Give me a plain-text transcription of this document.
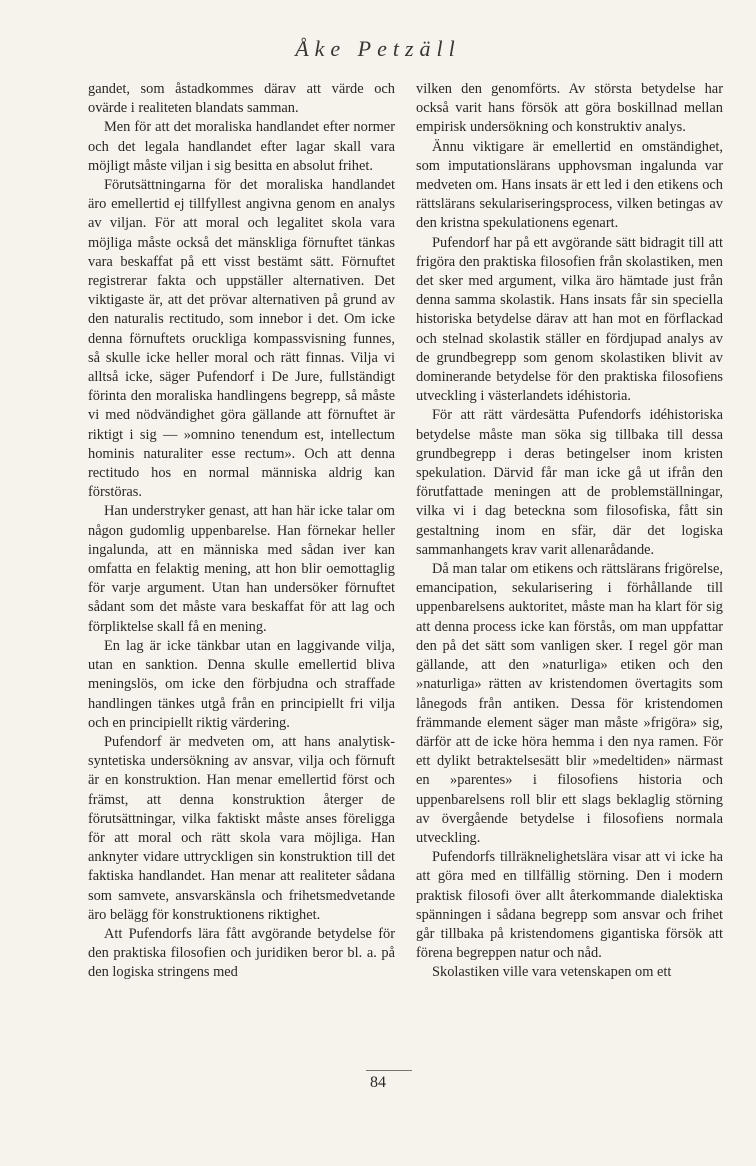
Åke Petzäll

gandet, som åstadkommes därav att värde och ovärde i realiteten blandats samman.

Men för att det moraliska handlandet efter normer och det legala handlandet efter lagar skall vara möjligt måste viljan i sig besitta en absolut frihet.

Förutsättningarna för det moraliska handlandet äro emellertid ej tillfyllest angivna genom en analys av viljan. För att moral och legalitet skola vara möjliga måste också det mänskliga förnuftet tänkas vara beskaffat på ett visst bestämt sätt. Förnuftet registrerar fakta och uppställer alternativen. Det viktigaste är, att det prövar alternativen på grund av den naturalis rectitudo, som innebor i det. Om icke denna förnuftets oruckliga kompassvisning funnes, så skulle icke heller moral och rätt finnas. Vilja vi alltså icke, säger Pufendorf i De Jure, fullständigt förinta den moraliska handlingens begrepp, så måste vi med nödvändighet göra gällande att förnuftet är riktigt i sig — »omnino tenendum est, intellectum hominis naturaliter esse rectum». Och att denna rectitudo hos en normal människa aldrig kan förstöras.

Han understryker genast, att han här icke talar om någon gudomlig uppenbarelse. Han förnekar heller ingalunda, att en människa med sådan iver kan omfatta en felaktig mening, att hon blir oemottaglig för varje argument. Utan han undersöker förnuftet sådant som det måste vara beskaffat för att lag och förpliktelse skall få en mening.

En lag är icke tänkbar utan en laggivande vilja, utan en sanktion. Denna skulle emellertid bliva meningslös, om icke den förbjudna och straffade handlingen tänkes utgå från en principiellt fri vilja och en principiellt riktig värdering.

Pufendorf är medveten om, att hans analytisk-syntetiska undersökning av ansvar, vilja och förnuft är en konstruktion. Han menar emellertid först och främst, att denna konstruktion återger de förutsättningar, vilka faktiskt måste anses föreligga för att moral och rätt skola vara möjliga. Han anknyter vidare uttryckligen sin konstruktion till det faktiska handlandet. Han menar att realiteter sådana som samvete, ansvarskänsla och frihetsmedvetande äro belägg för konstruktionens riktighet.

Att Pufendorfs lära fått avgörande betydelse för den praktiska filosofien och juridiken beror bl. a. på den logiska stringens med

vilken den genomförts. Av största betydelse har också varit hans försök att göra boskillnad mellan empirisk undersökning och konstruktiv analys.

Ännu viktigare är emellertid en omständighet, som imputationslärans upphovsman ingalunda var medveten om. Hans insats är ett led i den etikens och rättslärans sekulariseringsprocess, vilken betingas av den kristna spekulationens egenart.

Pufendorf har på ett avgörande sätt bidragit till att frigöra den praktiska filosofien från skolastiken, men det sker med argument, vilka äro hämtade just från denna samma skolastik. Hans insats får sin speciella historiska betydelse därav att han mot en förflackad och stelnad skolastik ställer en fördjupad analys av de grundbegrepp som genom skolastiken blivit av dominerande betydelse för den praktiska filosofiens utveckling i västerlandets idéhistoria.

För att rätt värdesätta Pufendorfs idéhistoriska betydelse måste man söka sig tillbaka till dessa grundbegrepp i deras betingelser inom kristen spekulation. Därvid får man icke gå ut ifrån den förutfattade meningen att de problemställningar, vilka vi i dag beteckna som filosofiska, fått sin gestaltning inom en sfär, där det logiska sammanhangets krav varit allenarådande.

Då man talar om etikens och rättslärans frigörelse, emancipation, sekularisering i förhållande till uppenbarelsens auktoritet, måste man ha klart för sig att denna process icke kan förstås, om man uppfattar den på det sätt som vanligen sker. I regel gör man gällande, att den »naturliga» etiken och den »naturliga» rätten av kristendomen övertagits som lånegods från antiken. Dessa för kristendomen främmande element säger man måste »frigöra» sig, därför att de icke höra hemma i den nya ramen. För ett dylikt betraktelsesätt blir »medeltiden» närmast en »parentes» i filosofiens historia och uppenbarelsens roll blir ett slags beklaglig störning av övergående betydelse i filosofiens normala utveckling.

Pufendorfs tillräknelighetslära visar att vi icke ha att göra med en tillfällig störning. Den i modern praktisk filosofi över allt återkommande dialektiska spänningen i sådana begrepp som ansvar och frihet går tillbaka på kristendomens gigantiska försök att förena begreppen natur och nåd.

Skolastiken ville vara vetenskapen om ett

84
